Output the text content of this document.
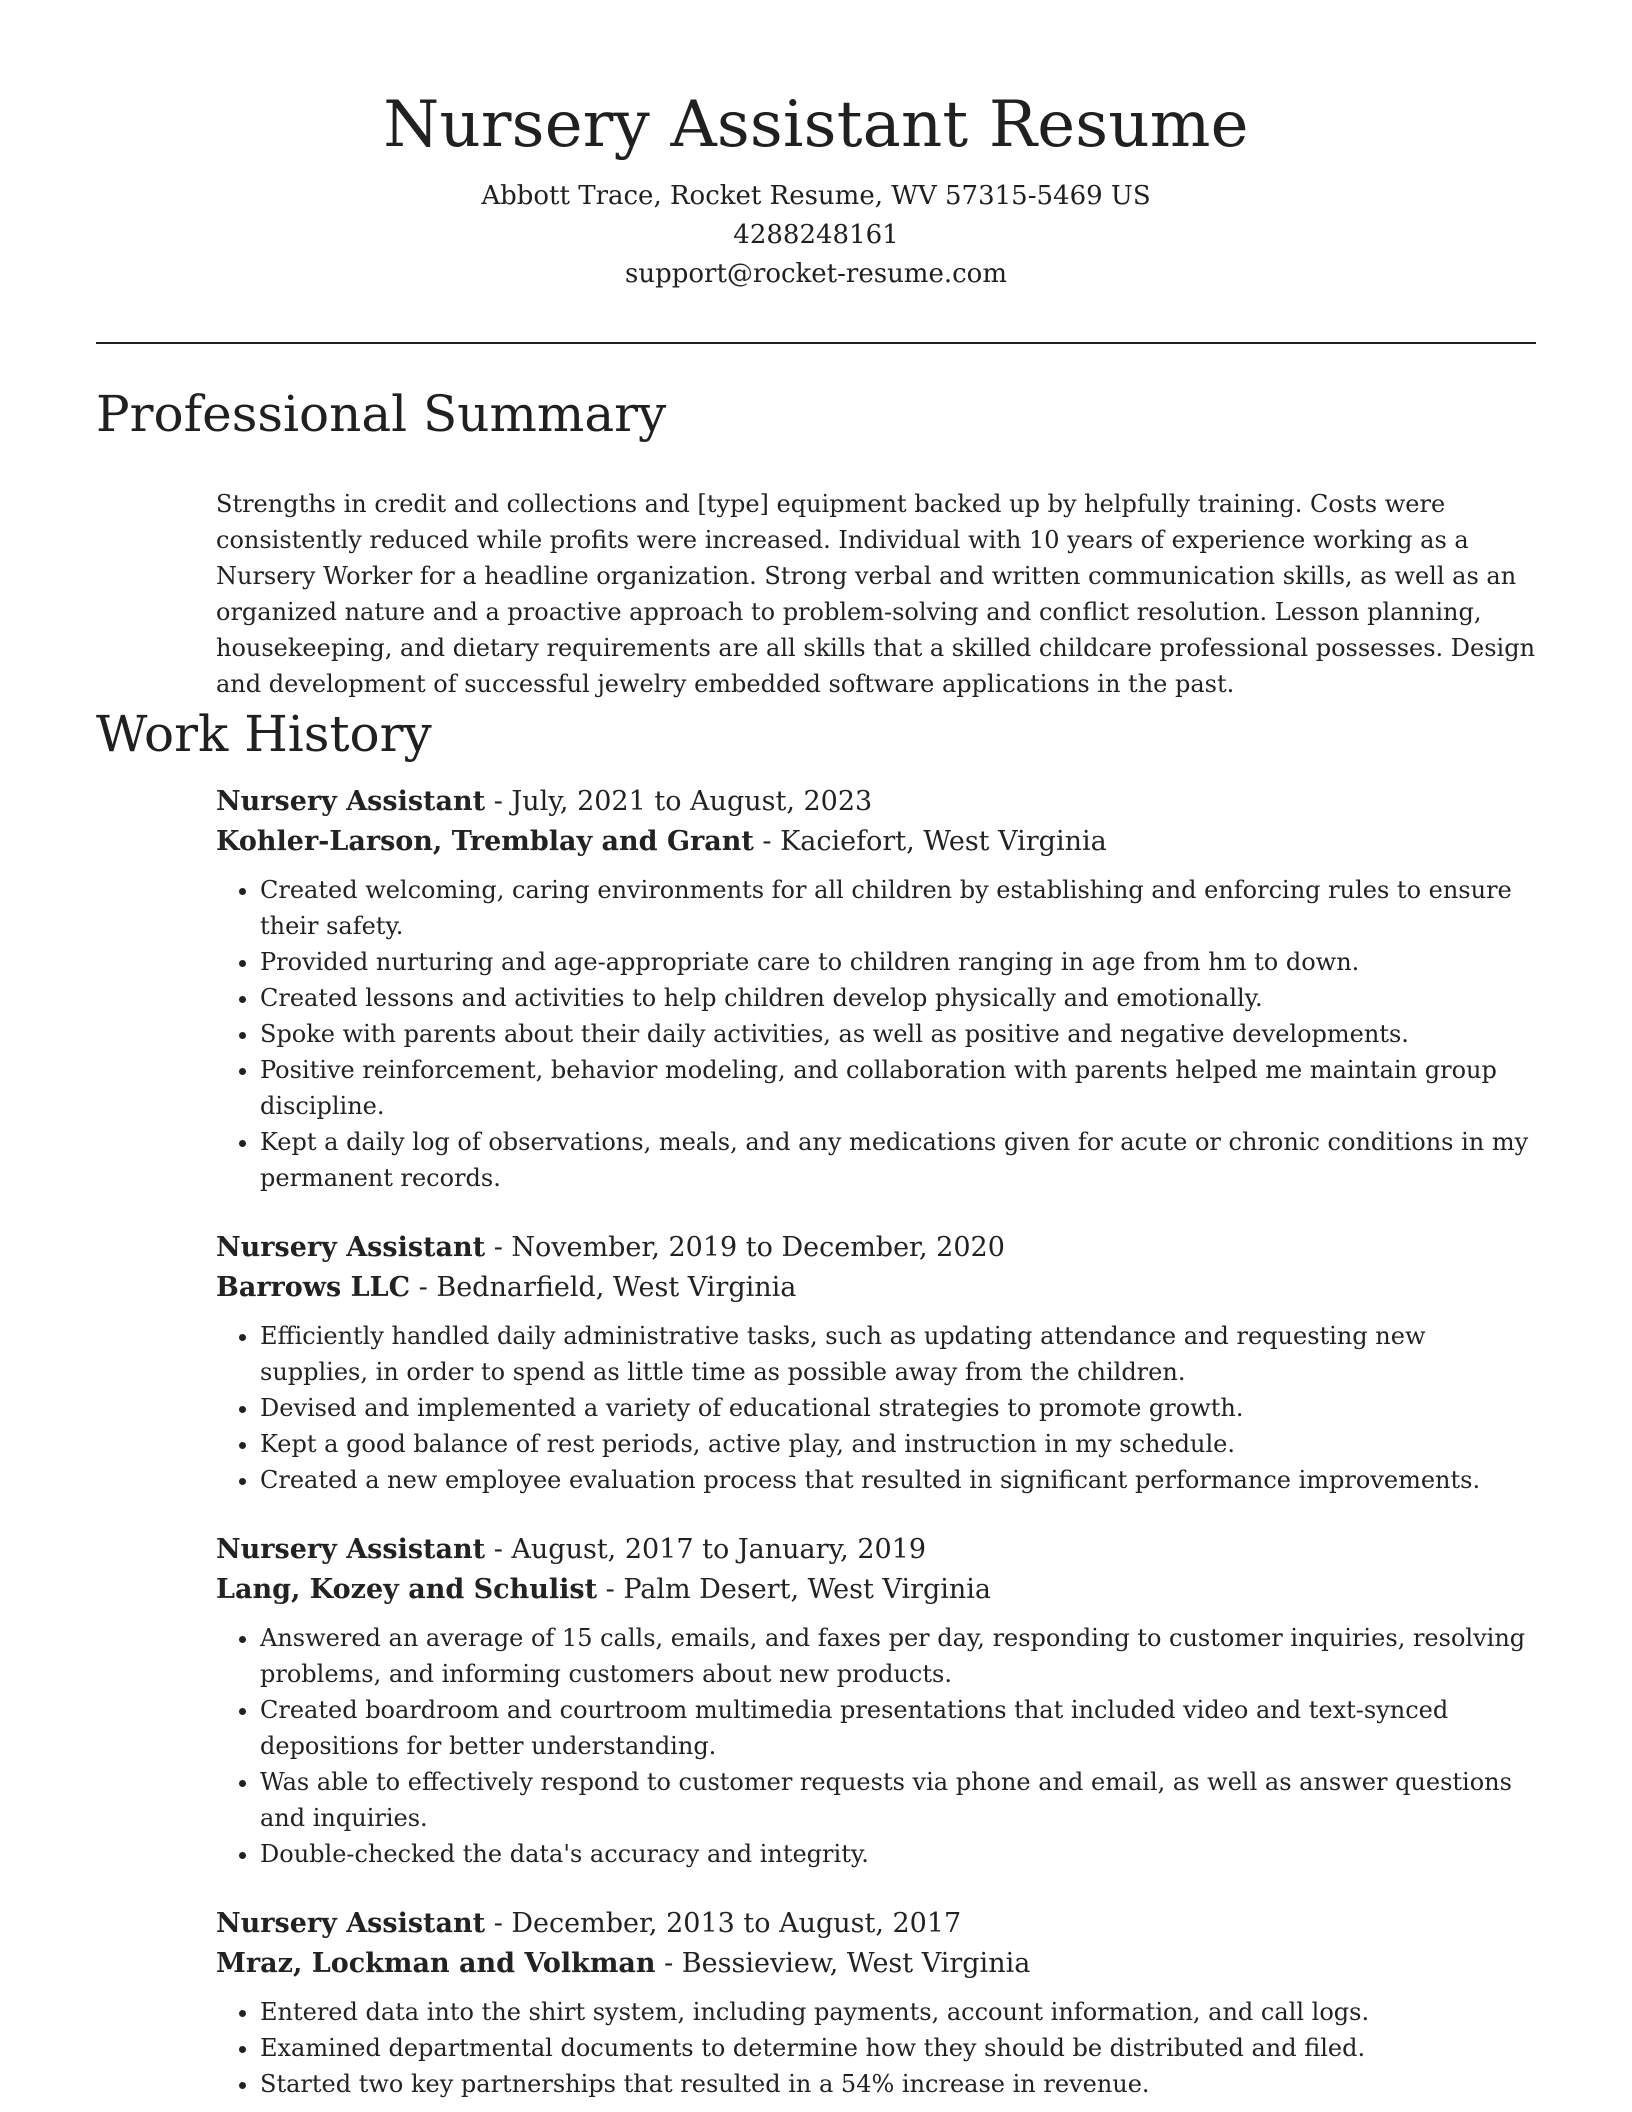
Nursery Assistant Resume
Abbott Trace, Rocket Resume, WV 57315-5469 US
4288248161
support@rocket-resume.com
Professional Summary

Strengths in credit and collections and [type] equipment backed up by helpfully training. Costs were consistently reduced while profits were increased. Individual with 10 years of experience working as a Nursery Worker for a headline organization. Strong verbal and written communication skills, as well as an organized nature and a proactive approach to problem-solving and conflict resolution. Lesson planning, housekeeping, and dietary requirements are all skills that a skilled childcare professional possesses. Design and development of successful jewelry embedded software applications in the past.

Work History
Nursery Assistant - July, 2021 to August, 2023
Kohler-Larson, Tremblay and Grant - Kaciefort, West Virginia
• Created welcoming, caring environments for all children by establishing and enforcing rules to ensure their safety.
• Provided nurturing and age-appropriate care to children ranging in age from hm to down.
• Created lessons and activities to help children develop physically and emotionally.
• Spoke with parents about their daily activities, as well as positive and negative developments.
• Positive reinforcement, behavior modeling, and collaboration with parents helped me maintain group discipline.
• Kept a daily log of observations, meals, and any medications given for acute or chronic conditions in my permanent records.
Nursery Assistant - November, 2019 to December, 2020
Barrows LLC - Bednarfield, West Virginia
• Efficiently handled daily administrative tasks, such as updating attendance and requesting new supplies, in order to spend as little time as possible away from the children.
• Devised and implemented a variety of educational strategies to promote growth.
• Kept a good balance of rest periods, active play, and instruction in my schedule.
• Created a new employee evaluation process that resulted in significant performance improvements.
Nursery Assistant - August, 2017 to January, 2019
Lang, Kozey and Schulist - Palm Desert, West Virginia
• Answered an average of 15 calls, emails, and faxes per day, responding to customer inquiries, resolving problems, and informing customers about new products.
• Created boardroom and courtroom multimedia presentations that included video and text-synced depositions for better understanding.
• Was able to effectively respond to customer requests via phone and email, as well as answer questions and inquiries.
• Double-checked the data's accuracy and integrity.
Nursery Assistant - December, 2013 to August, 2017
Mraz, Lockman and Volkman - Bessieview, West Virginia
• Entered data into the shirt system, including payments, account information, and call logs.
• Examined departmental documents to determine how they should be distributed and filed.
• Started two key partnerships that resulted in a 54% increase in revenue.
